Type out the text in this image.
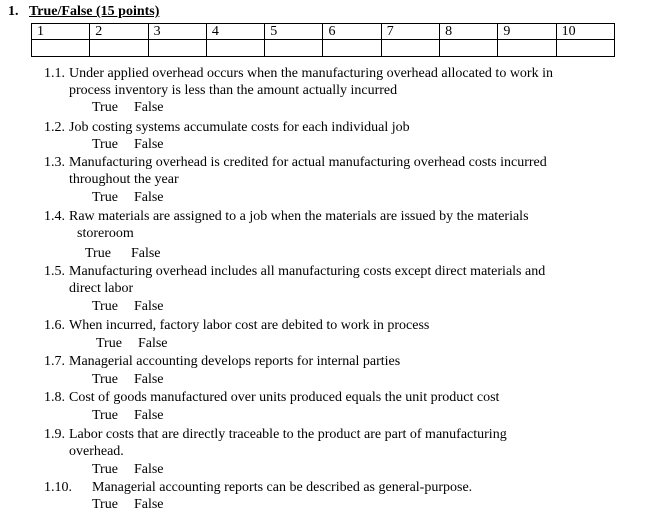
1. True/False (15 points)
1	2	3	4	5	6	7	8	9	10

1.1. Under applied overhead occurs when the manufacturing overhead allocated to work in
process inventory is less than the amount actually incurred
True False
1.2. Job costing systems accumulate costs for each individual job
True False
1.3. Manufacturing overhead is credited for actual manufacturing overhead costs incurred
throughout the year
True False
1.4. Raw materials are assigned to a job when the materials are issued by the materials
storeroom
True False
1.5. Manufacturing overhead includes all manufacturing costs except direct materials and
direct labor
True False
1.6. When incurred, factory labor cost are debited to work in process
True False
1.7. Managerial accounting develops reports for internal parties
True False
1.8. Cost of goods manufactured over units produced equals the unit product cost
True False
1.9. Labor costs that are directly traceable to the product are part of manufacturing
overhead.
True False
1.10. Managerial accounting reports can be described as general-purpose.
True False
